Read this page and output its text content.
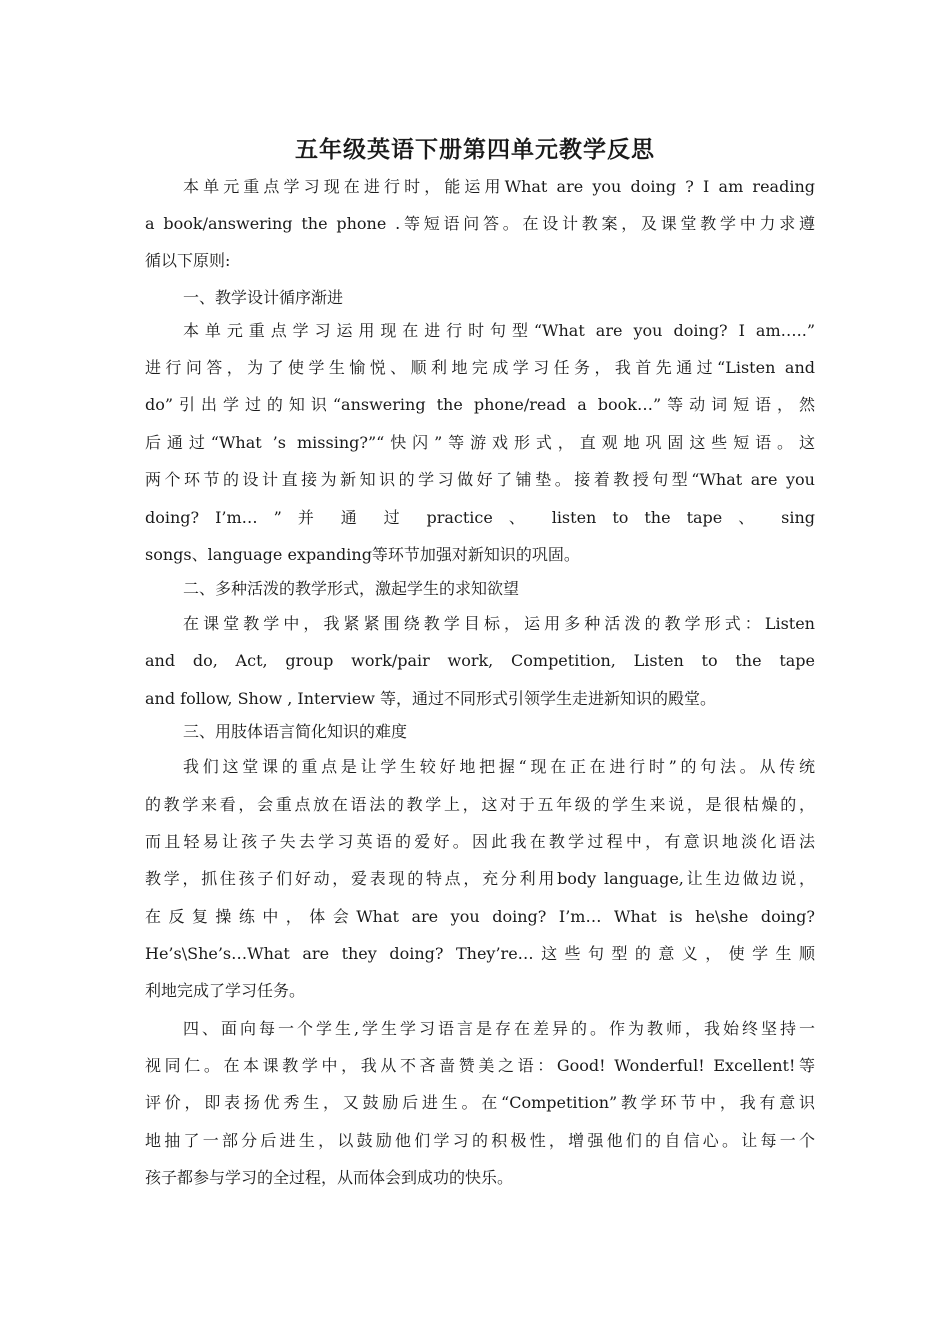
五年级英语下册第四单元教学反思
本单元重点学习现在进行时，能运用What are you doing ? I am reading
a book/answering the phone .等短语问答。在设计教案，及课堂教学中力求遵
循以下原则:
一、教学设计循序渐进
本单元重点学习运用现在进行时句型“What are you doing? I am…..”
进行问答，为了使学生愉悦、顺利地完成学习任务，我首先通过“Listen and
do”引出学过的知识“answering the phone/read a book…”等动词短语，然
后通过“What ’s missing?”“快闪”等游戏形式，直观地巩固这些短语。这
两个环节的设计直接为新知识的学习做好了铺垫。接着教授句型“What are you
doing? I’m… ” 并 通 过 practice 、 listen to the tape 、 sing
songs、language expanding等环节加强对新知识的巩固。
二、多种活泼的教学形式，激起学生的求知欲望
在课堂教学中，我紧紧围绕教学目标，运用多种活泼的教学形式：Listen
and do, Act, group work/pair work, Competition, Listen to the tape
and follow, Show , Interview 等，通过不同形式引领学生走进新知识的殿堂。
三、用肢体语言简化知识的难度
我们这堂课的重点是让学生较好地把握“现在正在进行时”的句法。从传统
的教学来看，会重点放在语法的教学上，这对于五年级的学生来说，是很枯燥的，
而且轻易让孩子失去学习英语的爱好。因此我在教学过程中，有意识地淡化语法
教学，抓住孩子们好动，爱表现的特点，充分利用body language,让生边做边说，
在反复操练中，体会What are you doing? I’m… What is he\she doing?
He’s\She’s…What are they doing? They’re…这些句型的意义，使学生顺
利地完成了学习任务。
四、面向每一个学生,学生学习语言是存在差异的。作为教师，我始终坚持一
视同仁。在本课教学中，我从不吝啬赞美之语：Good! Wonderful! Excellent!等
评价，即表扬优秀生，又鼓励后进生。在“Competition”教学环节中，我有意识
地抽了一部分后进生，以鼓励他们学习的积极性，增强他们的自信心。让每一个
孩子都参与学习的全过程，从而体会到成功的快乐。
